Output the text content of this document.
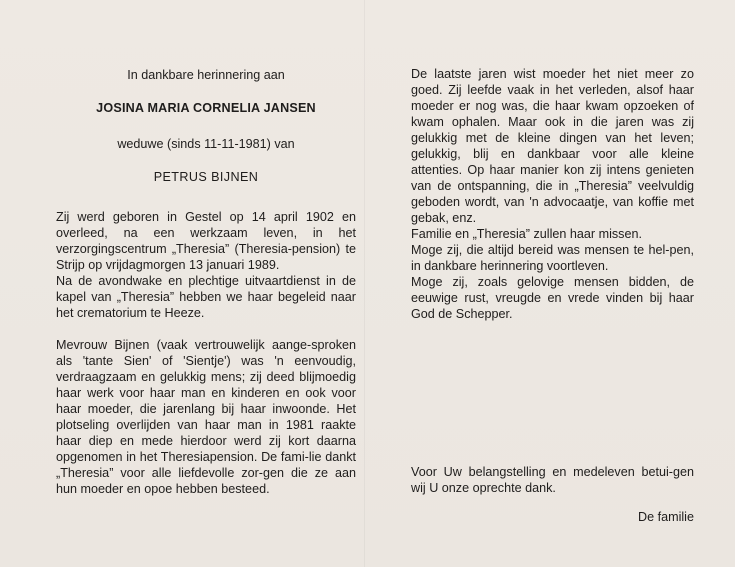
In dankbare herinnering aan

JOSINA MARIA CORNELIA JANSEN

weduwe (sinds 11-11-1981) van

PETRUS BIJNEN

Zij werd geboren in Gestel op 14 april 1902 en overleed, na een werkzaam leven, in het verzorgingscentrum „Theresia” (Theresia-pension) te Strijp op vrijdagmorgen 13 januari 1989.

Na de avondwake en plechtige uitvaartdienst in de kapel van „Theresia” hebben we haar begeleid naar het crematorium te Heeze.

Mevrouw Bijnen (vaak vertrouwelijk aange-sproken als 'tante Sien' of 'Sientje') was 'n eenvoudig, verdraagzaam en gelukkig mens; zij deed blijmoedig haar werk voor haar man en kinderen en ook voor haar moeder, die jarenlang bij haar inwoonde. Het plotseling overlijden van haar man in 1981 raakte haar diep en mede hierdoor werd zij kort daarna opgenomen in het Theresiapension. De fami-lie dankt „Theresia” voor alle liefdevolle zor-gen die ze aan hun moeder en opoe hebben besteed.

De laatste jaren wist moeder het niet meer zo goed. Zij leefde vaak in het verleden, alsof haar moeder er nog was, die haar kwam opzoeken of kwam ophalen. Maar ook in die jaren was zij gelukkig met de kleine dingen van het leven; gelukkig, blij en dankbaar voor alle kleine attenties. Op haar manier kon zij intens genieten van de ontspanning, die in „Theresia” veelvuldig geboden wordt, van 'n advocaatje, van koffie met gebak, enz.

Familie en „Theresia” zullen haar missen.

Moge zij, die altijd bereid was mensen te hel-pen, in dankbare herinnering voortleven.

Moge zij, zoals gelovige mensen bidden, de eeuwige rust, vreugde en vrede vinden bij haar God de Schepper.

Voor Uw belangstelling en medeleven betui-gen wij U onze oprechte dank.

De familie
